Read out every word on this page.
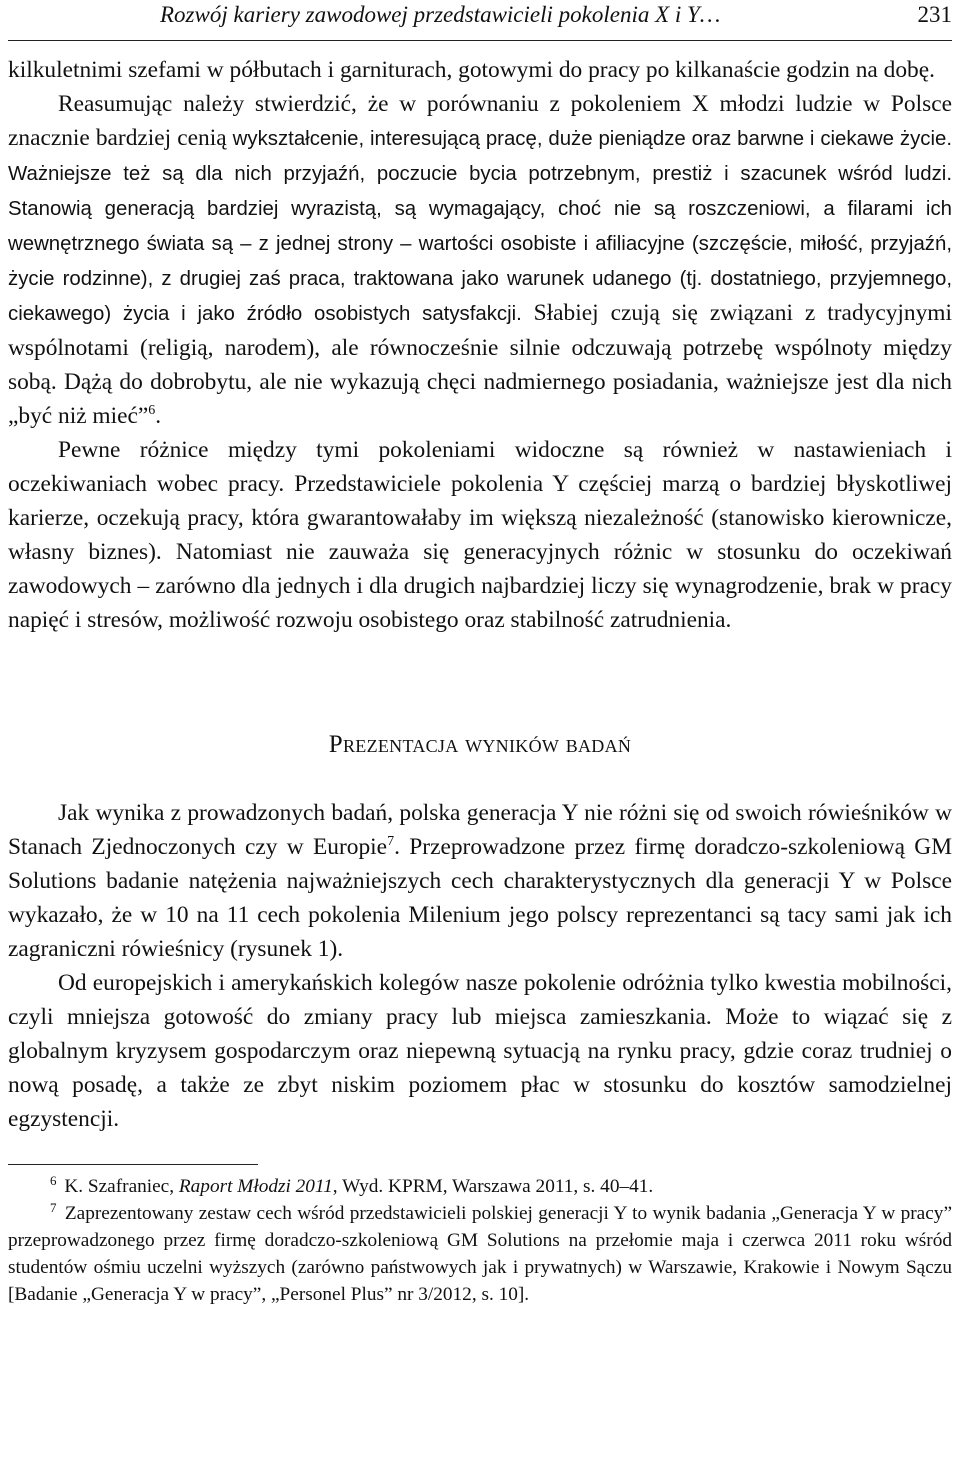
Rozwój kariery zawodowej przedstawicieli pokolenia X i Y…	231

kilkuletnimi szefami w półbutach i garniturach, gotowymi do pracy po kilkanaście godzin na dobę.

Reasumując należy stwierdzić, że w porównaniu z pokoleniem X młodzi ludzie w Polsce znacznie bardziej cenią wykształcenie, interesującą pracę, duże pieniądze oraz barwne i ciekawe życie. Ważniejsze też są dla nich przyjaźń, poczucie bycia potrzebnym, prestiż i szacunek wśród ludzi. Stanowią generacją bardziej wyrazistą, są wymagający, choć nie są roszczeniowi, a filarami ich wewnętrznego świata są – z jednej strony – wartości osobiste i afiliacyjne (szczęście, miłość, przyjaźń, życie rodzinne), z drugiej zaś praca, traktowana jako warunek udanego (tj. dostatniego, przyjemnego, ciekawego) życia i jako źródło osobistych satysfakcji. Słabiej czują się związani z tradycyjnymi wspólnotami (religią, narodem), ale równocześnie silnie odczuwają potrzebę wspólnoty między sobą. Dążą do dobrobytu, ale nie wykazują chęci nadmiernego posiadania, ważniejsze jest dla nich „być niż mieć”$^6$.

Pewne różnice między tymi pokoleniami widoczne są również w nastawieniach i oczekiwaniach wobec pracy. Przedstawiciele pokolenia Y częściej marzą o bardziej błyskotliwej karierze, oczekują pracy, która gwarantowałaby im większą niezależność (stanowisko kierownicze, własny biznes). Natomiast nie zauważa się generacyjnych różnic w stosunku do oczekiwań zawodowych – zarówno dla jednych i dla drugich najbardziej liczy się wynagrodzenie, brak w pracy napięć i stresów, możliwość rozwoju osobistego oraz stabilność zatrudnienia.

Prezentacja wyników badań

Jak wynika z prowadzonych badań, polska generacja Y nie różni się od swoich rówieśników w Stanach Zjednoczonych czy w Europie$^7$. Przeprowadzone przez firmę doradczo-szkoleniową GM Solutions badanie natężenia najważniejszych cech charakterystycznych dla generacji Y w Polsce wykazało, że w 10 na 11 cech pokolenia Milenium jego polscy reprezentanci są tacy sami jak ich zagraniczni rówieśnicy (rysunek 1).

Od europejskich i amerykańskich kolegów nasze pokolenie odróżnia tylko kwestia mobilności, czyli mniejsza gotowość do zmiany pracy lub miejsca zamieszkania. Może to wiązać się z globalnym kryzysem gospodarczym oraz niepewną sytuacją na rynku pracy, gdzie coraz trudniej o nową posadę, a także ze zbyt niskim poziomem płac w stosunku do kosztów samodzielnej egzystencji.

$^6$ K. Szafraniec, Raport Młodzi 2011, Wyd. KPRM, Warszawa 2011, s. 40–41.

$^7$ Zaprezentowany zestaw cech wśród przedstawicieli polskiej generacji Y to wynik badania „Generacja Y w pracy” przeprowadzonego przez firmę doradczo-szkoleniową GM Solutions na przełomie maja i czerwca 2011 roku wśród studentów ośmiu uczelni wyższych (zarówno państwowych jak i prywatnych) w Warszawie, Krakowie i Nowym Sączu [Badanie „Generacja Y w pracy”, „Personel Plus” nr 3/2012, s. 10].
